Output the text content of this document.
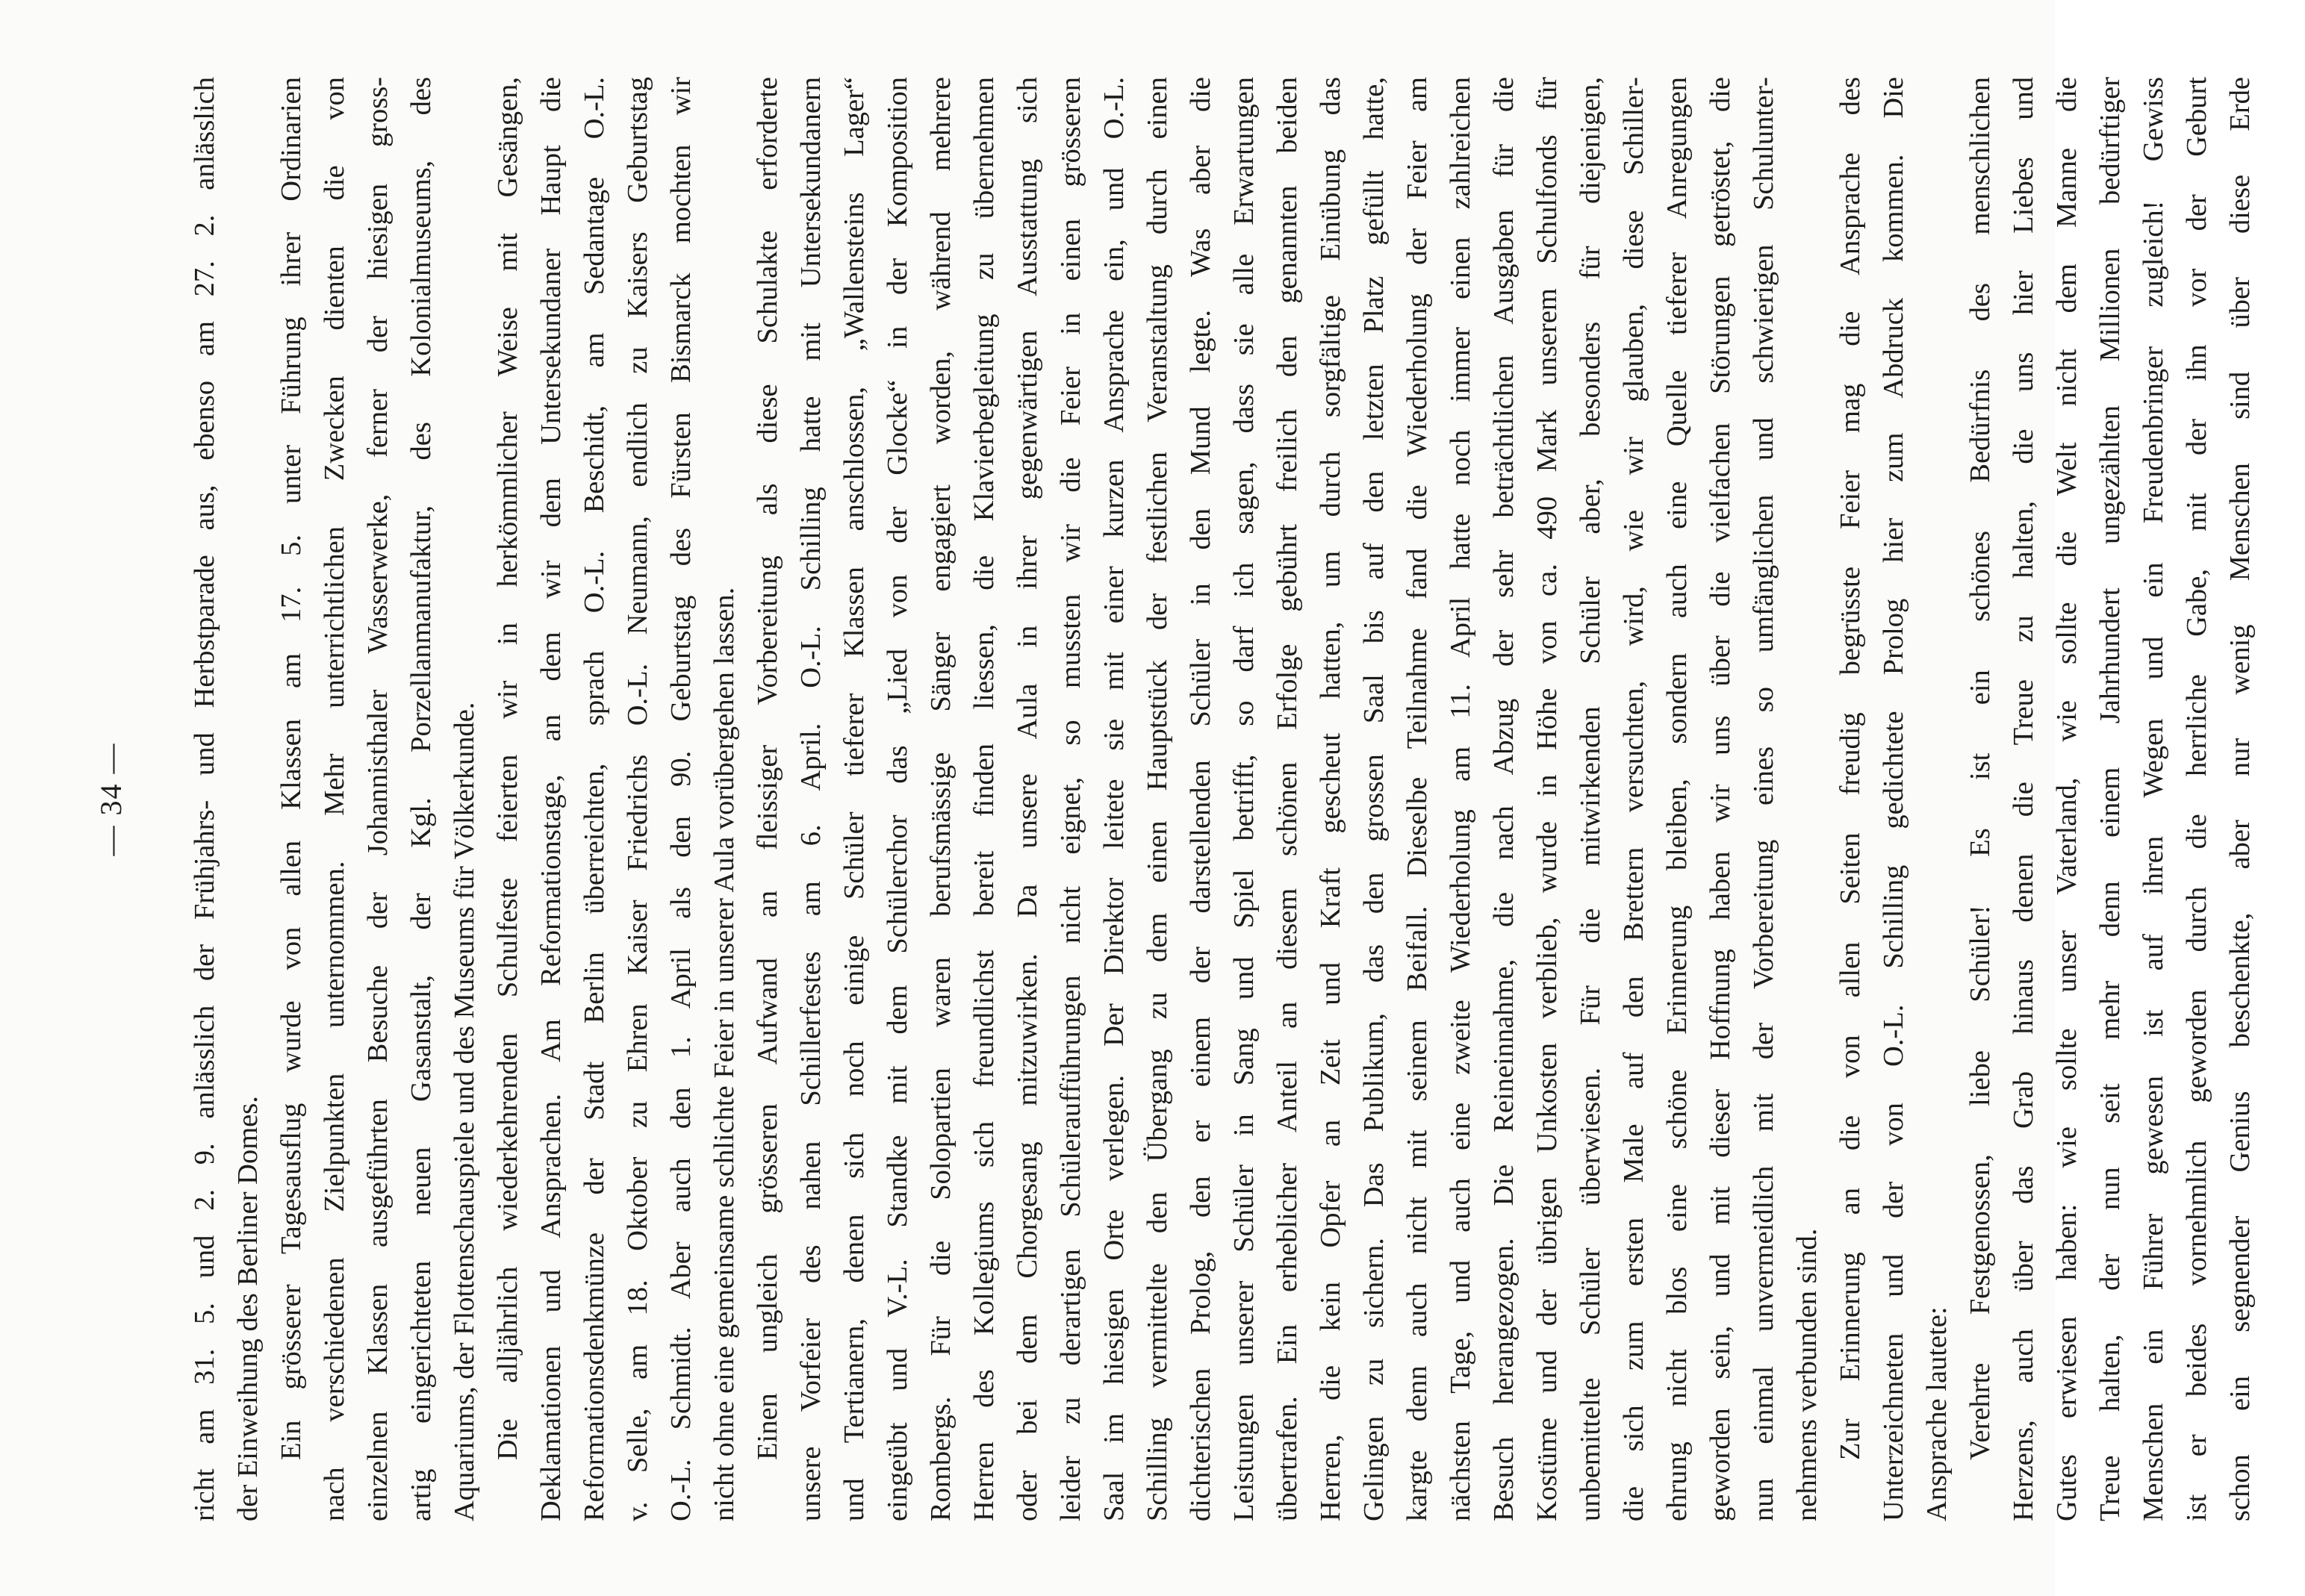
— 34 — richt am 31. 5. und 2. 9. anlässlich der Frühjahrs- und Herbstparade aus, ebenso am 27. 2. anlässlich der Einweihung des Berliner Domes. Ein grösserer Tagesausflug wurde von allen Klassen am 17. 5. unter Führung ihrer Ordinarien nach verschiedenen Zielpunkten unternommen. Mehr unterrichtlichen Zwecken dienten die von einzelnen Klassen ausgeführten Besuche der Johannisthaler Wasserwerke, ferner der hiesigen gross- artig eingerichteten neuen Gasanstalt, der Kgl. Porzellanmanufaktur, des Kolonialmuseums, des Aquariums, der Flottenschauspiele und des Museums für Völkerkunde. Die alljährlich wiederkehrenden Schulfeste feierten wir in herkömmlicher Weise mit Gesängen, Deklamationen und Ansprachen. Am Reformationstage, an dem wir dem Untersekundaner Haupt die Reformationsdenkmünze der Stadt Berlin überreichten, sprach O.-L. Beschidt, am Sedantage O.-L. v. Selle, am 18. Oktober zu Ehren Kaiser Friedrichs O.-L. Neumann, endlich zu Kaisers Geburtstag O.-L. Schmidt. Aber auch den 1. April als den 90. Geburtstag des Fürsten Bismarck mochten wir nicht ohne eine gemeinsame schlichte Feier in unserer Aula vorübergehen lassen. Einen ungleich grösseren Aufwand an fleissiger Vorbereitung als diese Schulakte erforderte unsere Vorfeier des nahen Schillerfestes am 6. April. O.-L. Schilling hatte mit Untersekundanern und Tertianern, denen sich noch einige Schüler tieferer Klassen anschlossen, „Wallensteins Lager“ eingeübt und V.-L. Standke mit dem Schülerchor das „Lied von der Glocke“ in der Komposition Rombergs. Für die Solopartien waren berufsmässige Sänger engagiert worden, während mehrere Herren des Kollegiums sich freundlichst bereit finden liessen, die Klavierbegleitung zu übernehmen oder bei dem Chorgesang mitzuwirken. Da unsere Aula in ihrer gegenwärtigen Ausstattung sich leider zu derartigen Schüleraufführungen nicht eignet, so mussten wir die Feier in einen grösseren Saal im hiesigen Orte verlegen. Der Direktor leitete sie mit einer kurzen Ansprache ein, und O.-L. Schilling vermittelte den Übergang zu dem einen Hauptstück der festlichen Veranstaltung durch einen dichterischen Prolog, den er einem der darstellenden Schüler in den Mund legte. Was aber die Leistungen unserer Schüler in Sang und Spiel betrifft, so darf ich sagen, dass sie alle Erwartungen übertrafen. Ein erheblicher Anteil an diesem schönen Erfolge gebührt freilich den genannten beiden Herren, die kein Opfer an Zeit und Kraft gescheut hatten, um durch sorgfältige Einübung das Gelingen zu sichern. Das Publikum, das den grossen Saal bis auf den letzten Platz gefüllt hatte, kargte denn auch nicht mit seinem Beifall. Dieselbe Teilnahme fand die Wiederholung der Feier am nächsten Tage, und auch eine zweite Wiederholung am 11. April hatte noch immer einen zahlreichen Besuch herangezogen. Die Reineinnahme, die nach Abzug der sehr beträchtlichen Ausgaben für die Kostüme und der übrigen Unkosten verblieb, wurde in Höhe von ca. 490 Mark unserem Schulfonds für unbemittelte Schüler überwiesen. Für die mitwirkenden Schüler aber, besonders für diejenigen, die sich zum ersten Male auf den Brettern versuchten, wird, wie wir glauben, diese Schiller- ehrung nicht blos eine schöne Erinnerung bleiben, sondern auch eine Quelle tieferer Anregungen geworden sein, und mit dieser Hoffnung haben wir uns über die vielfachen Störungen getröstet, die nun einmal unvermeidlich mit der Vorbereitung eines so umfänglichen und schwierigen Schulunter- nehmens verbunden sind. Zur Erinnerung an die von allen Seiten freudig begrüsste Feier mag die Ansprache des Unterzeichneten und der von O.-L. Schilling gedichtete Prolog hier zum Abdruck kommen. Die Ansprache lautete: Verehrte Festgenossen, liebe Schüler! Es ist ein schönes Bedürfnis des menschlichen Herzens, auch über das Grab hinaus denen die Treue zu halten, die uns hier Liebes und Gutes erwiesen haben: wie sollte unser Vaterland, wie sollte die Welt nicht dem Manne die Treue halten, der nun seit mehr denn einem Jahrhundert ungezählten Millionen bedürftiger Menschen ein Führer gewesen ist auf ihren Wegen und ein Freudenbringer zugleich! Gewiss ist er beides vornehmlich geworden durch die herrliche Gabe, mit der ihn vor der Geburt schon ein segnender Genius beschenkte, aber nur wenig Menschen sind über diese Erde
